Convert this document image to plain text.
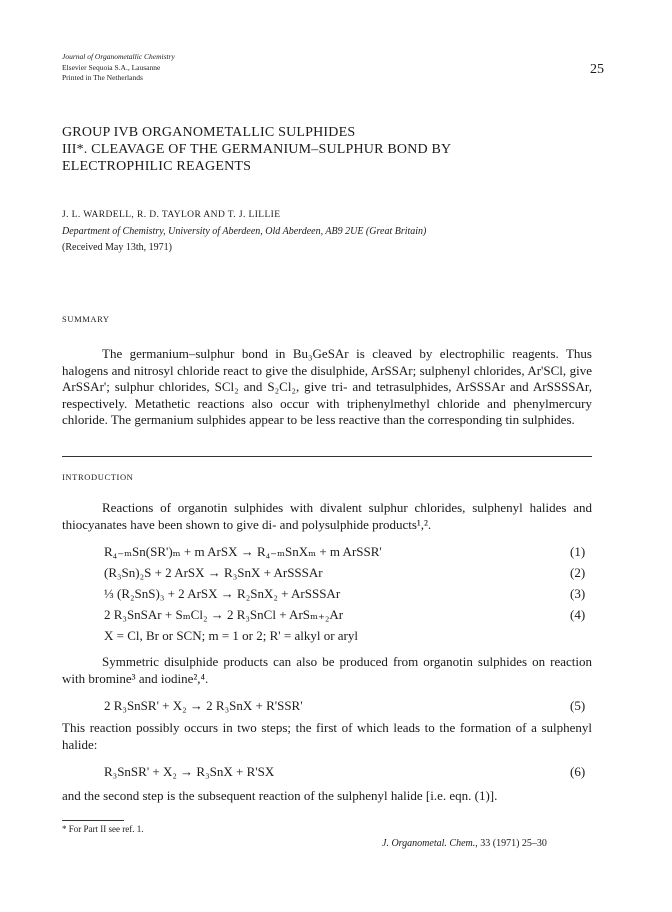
Journal of Organometallic Chemistry
Elsevier Sequoia S.A., Lausanne
Printed in The Netherlands
25
GROUP IVB ORGANOMETALLIC SULPHIDES
III*. CLEAVAGE OF THE GERMANIUM–SULPHUR BOND BY
ELECTROPHILIC REAGENTS
J. L. WARDELL, R. D. TAYLOR AND T. J. LILLIE
Department of Chemistry, University of Aberdeen, Old Aberdeen, AB9 2UE (Great Britain)
(Received May 13th, 1971)
SUMMARY
The germanium–sulphur bond in Bu₃GeSAr is cleaved by electrophilic reagents. Thus halogens and nitrosyl chloride react to give the disulphide, ArSSAr; sulphenyl chlorides, Ar'SCl, give ArSSAr'; sulphur chlorides, SCl₂ and S₂Cl₂, give tri- and tetrasulphides, ArSSSAr and ArSSSSAr, respectively. Metathetic reactions also occur with triphenylmethyl chloride and phenylmercury chloride. The germanium sulphides appear to be less reactive than the corresponding tin sulphides.
INTRODUCTION
Reactions of organotin sulphides with divalent sulphur chlorides, sulphenyl halides and thiocyanates have been shown to give di- and polysulphide products¹,².
R₄₋ₘSn(SR')ₘ + m ArSX → R₄₋ₘSnXₘ + m ArSSR'	(1)
(R₃Sn)₂S + 2 ArSX → R₃SnX + ArSSSAr	(2)
⅓ (R₂SnS)₃ + 2 ArSX → R₂SnX₂ + ArSSSAr	(3)
2 R₃SnSAr + SₘCl₂ → 2 R₃SnCl + ArSₘ₊₂Ar	(4)
X = Cl, Br or SCN; m = 1 or 2; R' = alkyl or aryl
Symmetric disulphide products can also be produced from organotin sulphides on reaction with bromine³ and iodine²,⁴.
2 R₃SnSR' + X₂ → 2 R₃SnX + R'SSR'	(5)
This reaction possibly occurs in two steps; the first of which leads to the formation of a sulphenyl halide:
R₃SnSR' + X₂ → R₃SnX + R'SX	(6)
and the second step is the subsequent reaction of the sulphenyl halide [i.e. eqn. (1)].
* For Part II see ref. 1.
J. Organometal. Chem., 33 (1971) 25–30
